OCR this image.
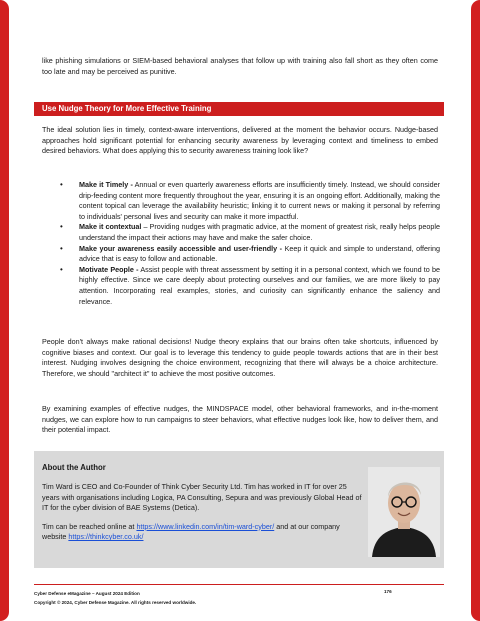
like phishing simulations or SIEM-based behavioral analyses that follow up with training also fall short as they often come too late and may be perceived as punitive.

Use Nudge Theory for More Effective Training

The ideal solution lies in timely, context-aware interventions, delivered at the moment the behavior occurs. Nudge-based approaches hold significant potential for enhancing security awareness by leveraging context and timeliness to embed desired behaviors. What does applying this to security awareness training look like?

• Make it Timely - Annual or even quarterly awareness efforts are insufficiently timely. Instead, we should consider drip-feeding content more frequently throughout the year, ensuring it is an ongoing effort. Additionally, making the content topical can leverage the availability heuristic; linking it to current news or making it personal by referring to individuals' personal lives and security can make it more impactful.
• Make it contextual – Providing nudges with pragmatic advice, at the moment of greatest risk, really helps people understand the impact their actions may have and make the safer choice.
• Make your awareness easily accessible and user-friendly - Keep it quick and simple to understand, offering advice that is easy to follow and actionable.
• Motivate People - Assist people with threat assessment by setting it in a personal context, which we found to be highly effective. Since we care deeply about protecting ourselves and our families, we are more likely to pay attention. Incorporating real examples, stories, and curiosity can significantly enhance the saliency and relevance.

People don't always make rational decisions! Nudge theory explains that our brains often take shortcuts, influenced by cognitive biases and context. Our goal is to leverage this tendency to guide people towards actions that are in their best interest. Nudging involves designing the choice environment, recognizing that there will always be a choice architecture. Therefore, we should "architect it" to achieve the most positive outcomes.

By examining examples of effective nudges, the MINDSPACE model, other behavioral frameworks, and in-the-moment nudges, we can explore how to run campaigns to steer behaviors, what effective nudges look like, how to deliver them, and their potential impact.

About the Author

Tim Ward is CEO and Co-Founder of Think Cyber Security Ltd. Tim has worked in IT for over 25 years with organisations including Logica, PA Consulting, Sepura and was previously Global Head of IT for the cyber division of BAE Systems (Detica).

Tim can be reached online at https://www.linkedin.com/in/tim-ward-cyber/ and at our company website https://thinkcyber.co.uk/

Cyber Defense eMagazine – August 2024 Edition
Copyright © 2024, Cyber Defense Magazine. All rights reserved worldwide.
176
